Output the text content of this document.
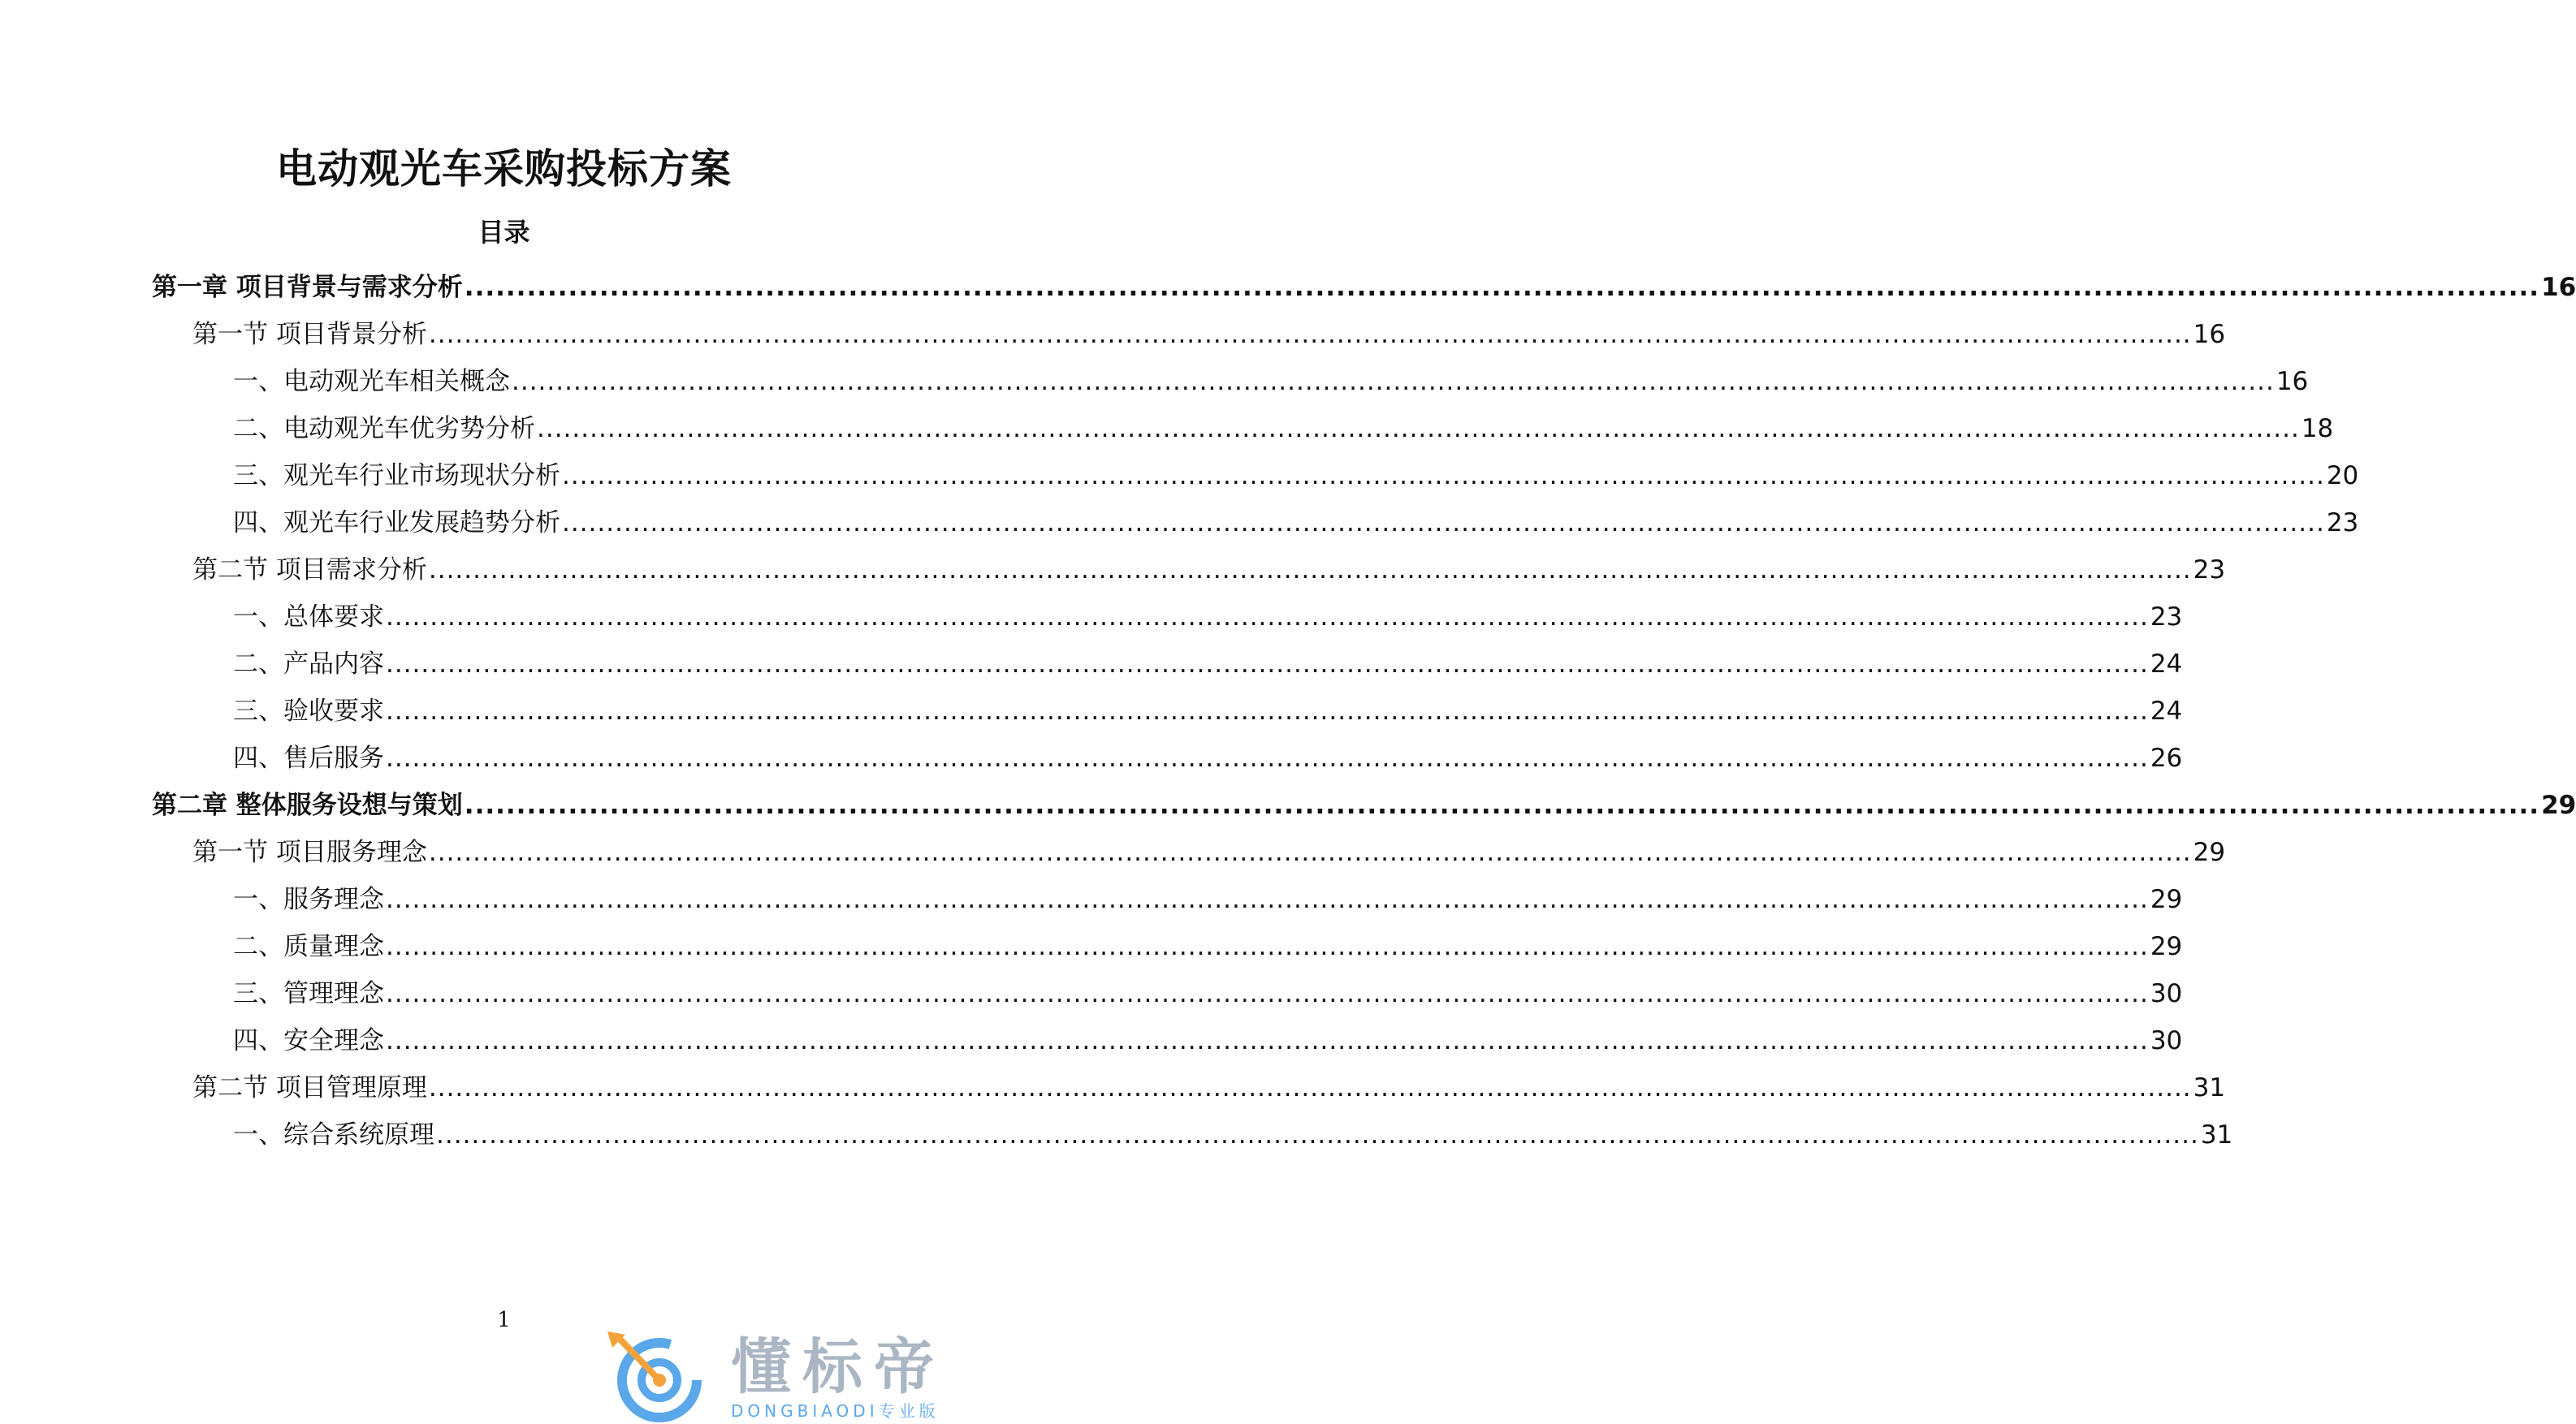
电动观光车采购投标方案
目录
第一章 项目背景与需求分析 ........................................................................................................................................................................................................ 16
第一节 项目背景分析 ........................................................................................................................................................................................................ 16
一、电动观光车相关概念 ........................................................................................................................................................................................................ 16
二、电动观光车优劣势分析 ........................................................................................................................................................................................................ 18
三、观光车行业市场现状分析 ........................................................................................................................................................................................................ 20
四、观光车行业发展趋势分析 ........................................................................................................................................................................................................ 23
第二节 项目需求分析 ........................................................................................................................................................................................................ 23
一、总体要求 ........................................................................................................................................................................................................ 23
二、产品内容 ........................................................................................................................................................................................................ 24
三、验收要求 ........................................................................................................................................................................................................ 24
四、售后服务 ........................................................................................................................................................................................................ 26
第二章 整体服务设想与策划 ........................................................................................................................................................................................................ 29
第一节 项目服务理念 ........................................................................................................................................................................................................ 29
一、服务理念 ........................................................................................................................................................................................................ 29
二、质量理念 ........................................................................................................................................................................................................ 29
三、管理理念 ........................................................................................................................................................................................................ 30
四、安全理念 ........................................................................................................................................................................................................ 30
第二节 项目管理原理 ........................................................................................................................................................................................................ 31
一、综合系统原理 ........................................................................................................................................................................................................ 31
1
懂标帝
DONGBIAODI专业版
